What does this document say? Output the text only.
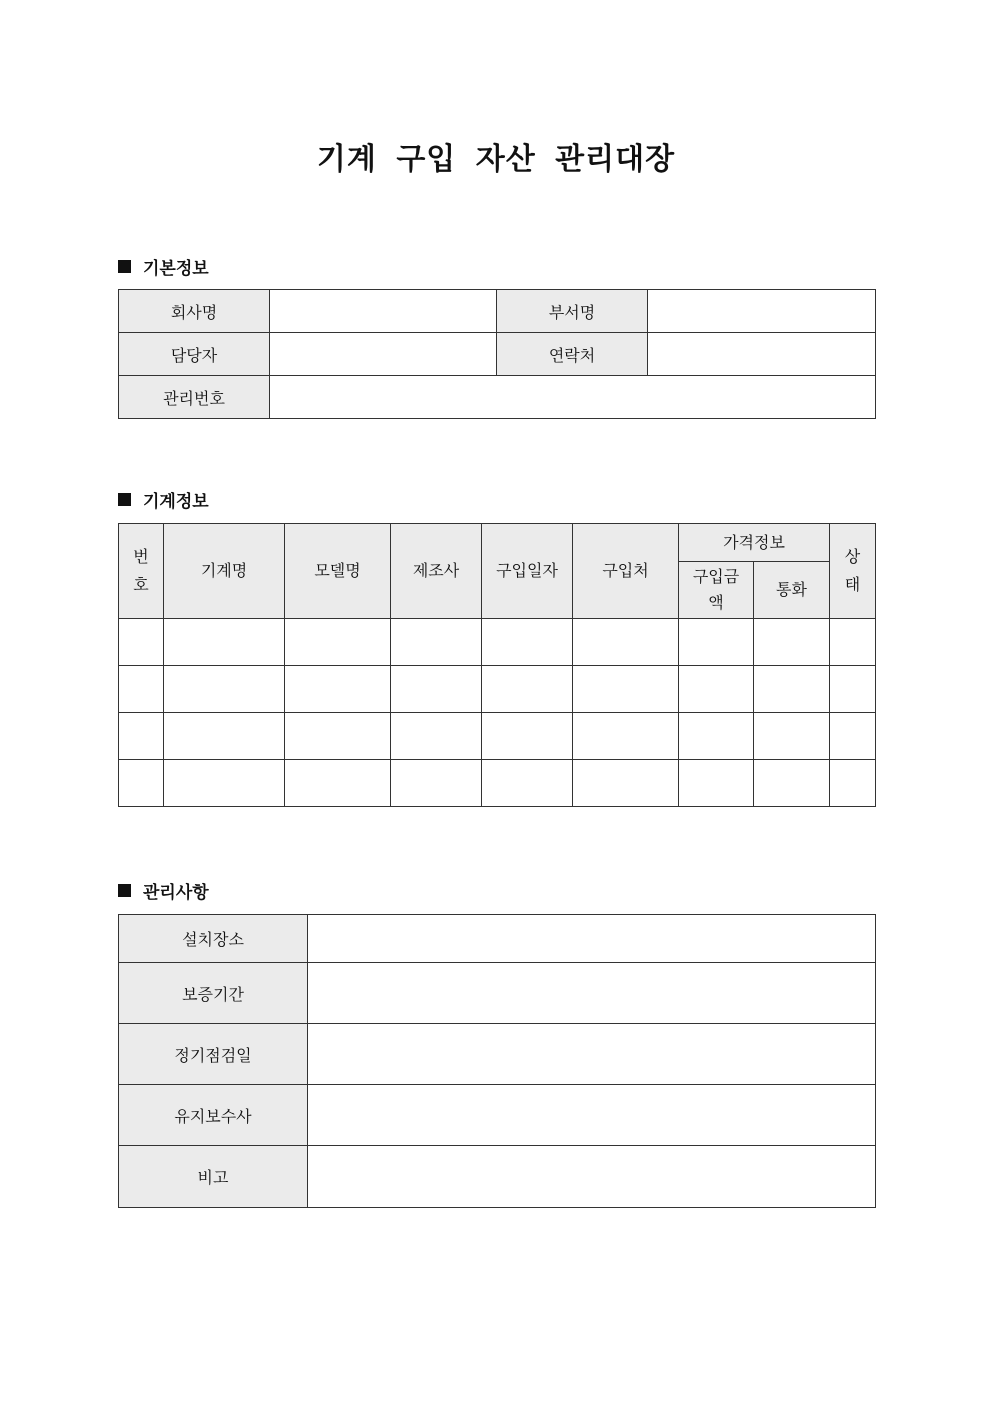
기계 구입 자산 관리대장
기본정보
회사명		부서명	
담당자		연락처	
관리번호			
기계정보
번호	기계명	모델명	제조사	구입일자	구입처	가격정보		상태
						구입금액	통화	

관리사항
설치장소	
보증기간	
정기점검일	
유지보수사	
비고	
